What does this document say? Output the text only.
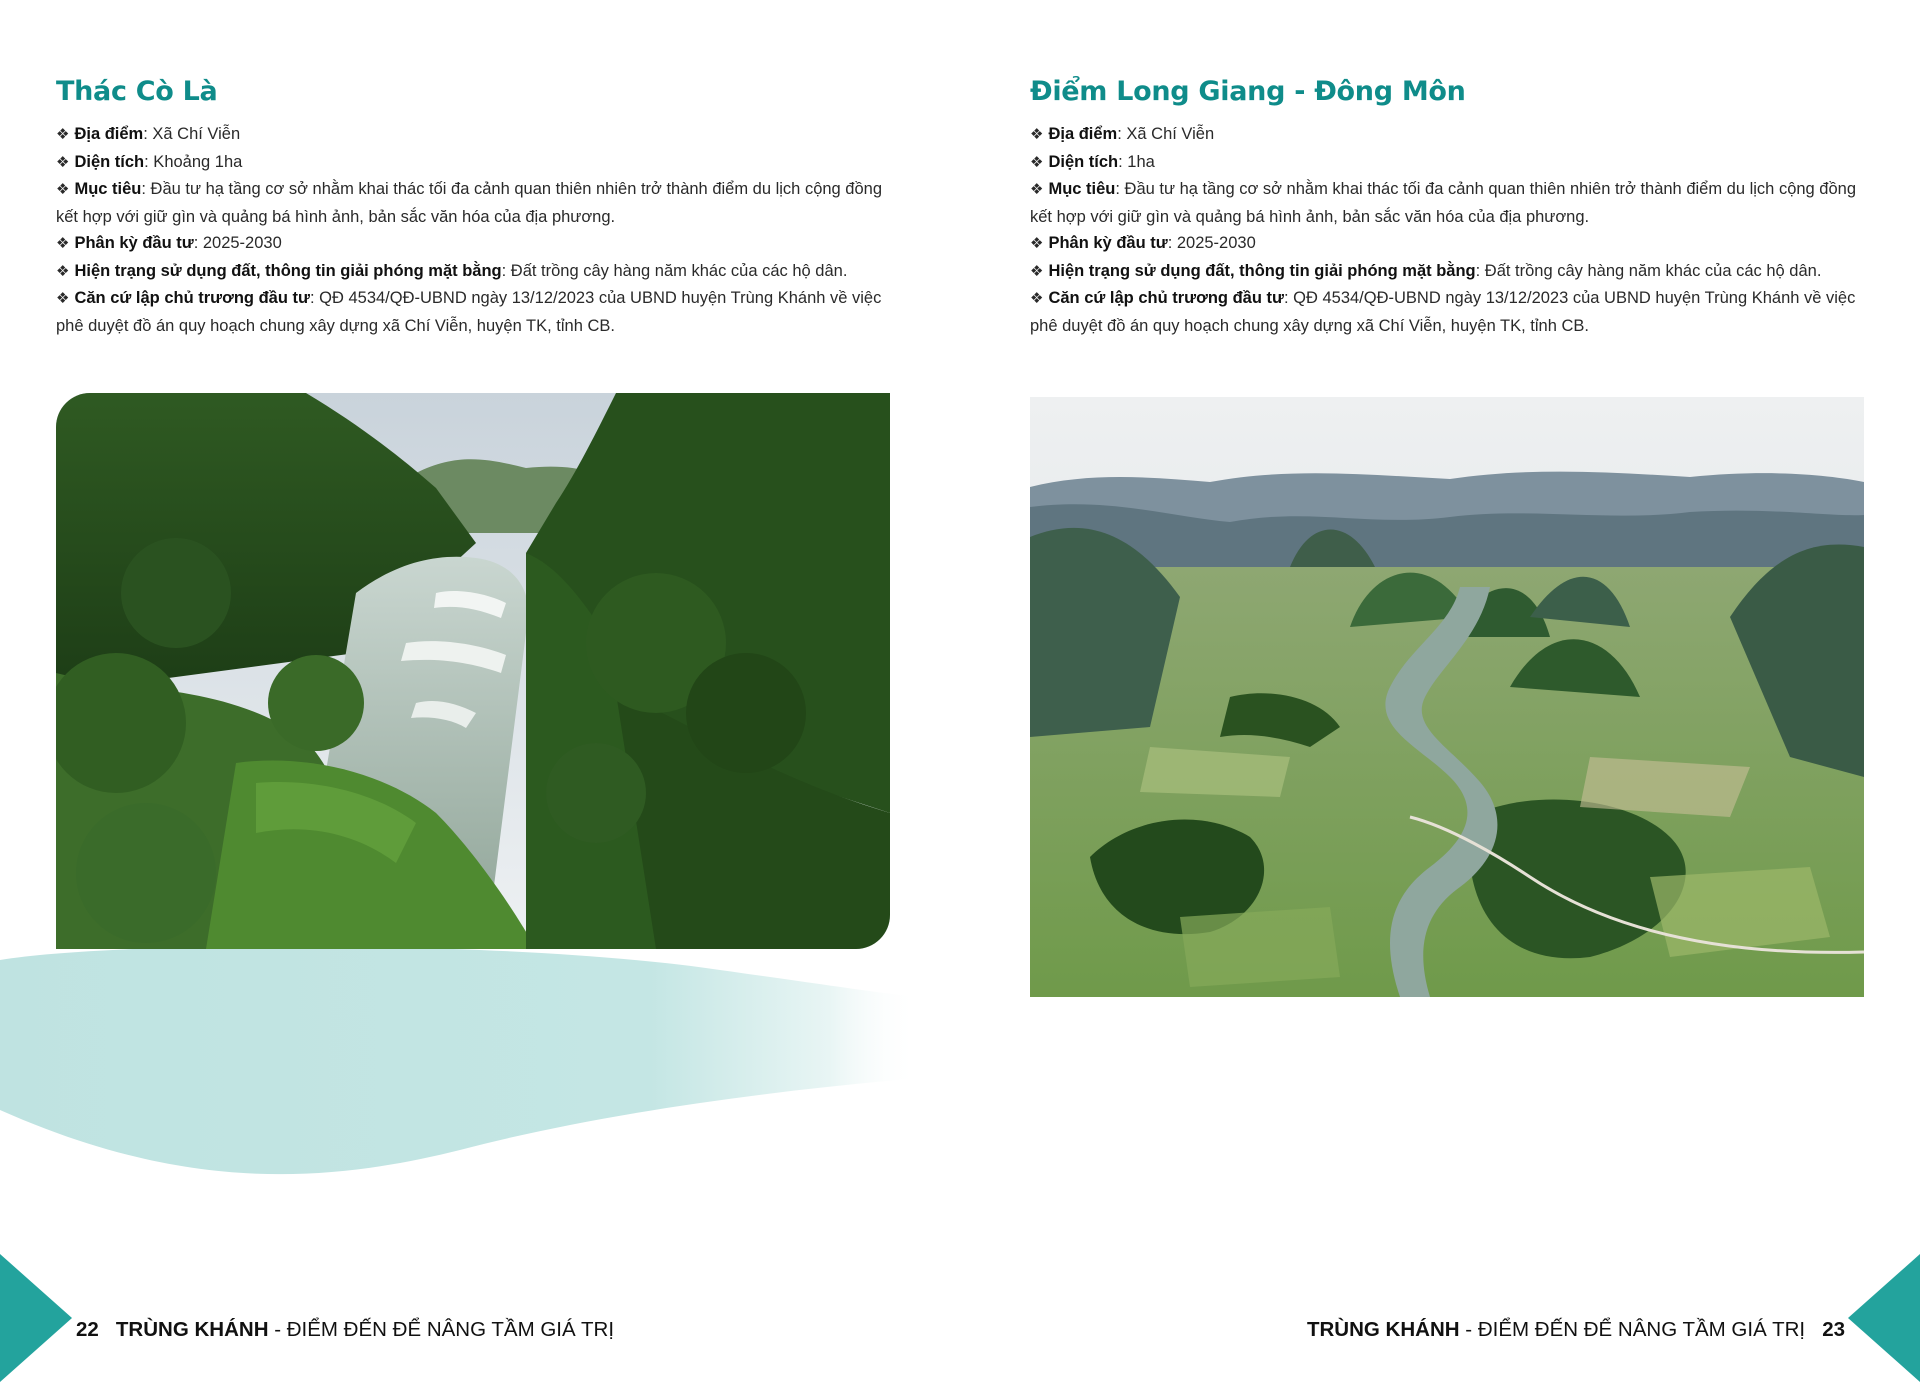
Thác Cò Là
❖ Địa điểm: Xã Chí Viễn
❖ Diện tích: Khoảng 1ha
❖ Mục tiêu: Đầu tư hạ tầng cơ sở nhằm khai thác tối đa cảnh quan thiên nhiên trở thành điểm du lịch cộng đồng kết hợp với giữ gìn và quảng bá hình ảnh, bản sắc văn hóa của địa phương.
❖ Phân kỳ đầu tư: 2025-2030
❖ Hiện trạng sử dụng đất, thông tin giải phóng mặt bằng: Đất trồng cây hàng năm khác của các hộ dân.
❖ Căn cứ lập chủ trương đầu tư: QĐ 4534/QĐ-UBND ngày 13/12/2023 của UBND huyện Trùng Khánh về việc phê duyệt đồ án quy hoạch chung xây dựng xã Chí Viễn, huyện TK, tỉnh CB.
Điểm Long Giang - Đông Môn
❖ Địa điểm: Xã Chí Viễn
❖ Diện tích: 1ha
❖ Mục tiêu: Đầu tư hạ tầng cơ sở nhằm khai thác tối đa cảnh quan thiên nhiên trở thành điểm du lịch cộng đồng kết hợp với giữ gìn và quảng bá hình ảnh, bản sắc văn hóa của địa phương.
❖ Phân kỳ đầu tư: 2025-2030
❖ Hiện trạng sử dụng đất, thông tin giải phóng mặt bằng: Đất trồng cây hàng năm khác của các hộ dân.
❖ Căn cứ lập chủ trương đầu tư: QĐ 4534/QĐ-UBND ngày 13/12/2023 của UBND huyện Trùng Khánh về việc phê duyệt đồ án quy hoạch chung xây dựng xã Chí Viễn, huyện TK, tỉnh CB.
22 TRÙNG KHÁNH - ĐIỂM ĐẾN ĐỂ NÂNG TẦM GIÁ TRỊ	TRÙNG KHÁNH - ĐIỂM ĐẾN ĐỂ NÂNG TẦM GIÁ TRỊ 23
